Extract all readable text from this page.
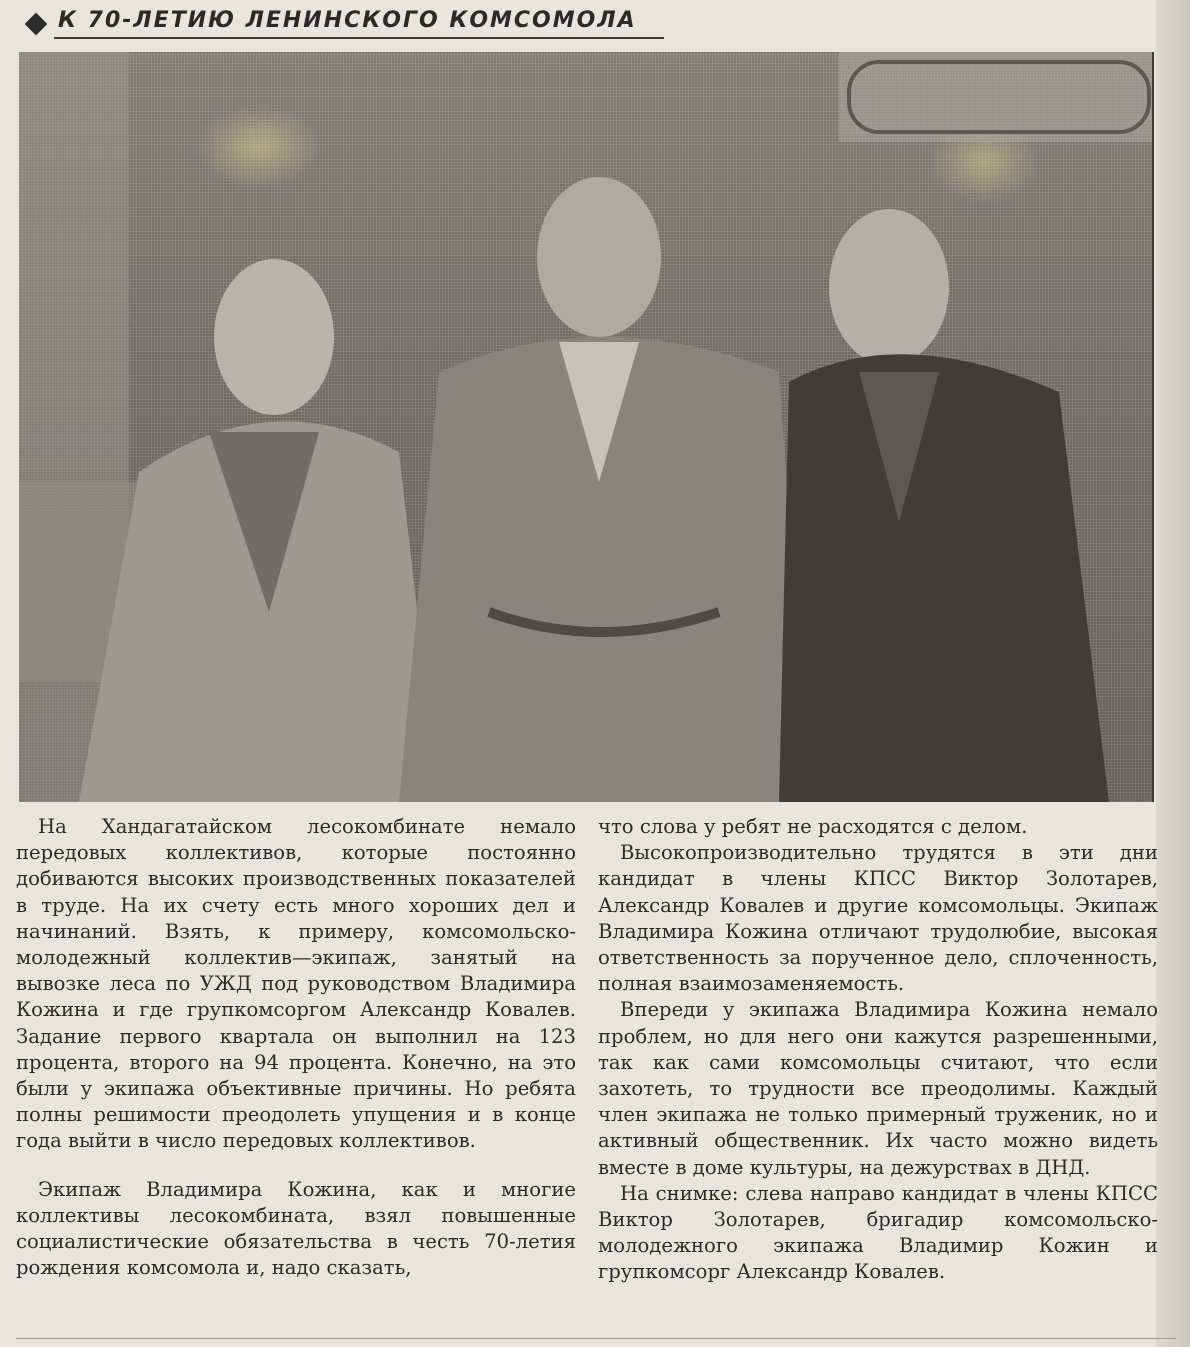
К 70-ЛЕТИЮ ЛЕНИНСКОГО КОМСОМОЛА

На Хандагатайском лесокомбинате немало передовых коллективов, которые постоянно добиваются высоких производственных показателей в труде. На их счету есть много хороших дел и начинаний. Взять, к примеру, комсомольско-молодежный коллектив—экипаж, занятый на вывозке леса по УЖД под руководством Владимира Кожина и где групкомсоргом Александр Ковалев. Задание первого квартала он выполнил на 123 процента, второго на 94 процента. Конечно, на это были у экипажа объективные причины. Но ребята полны решимости преодолеть упущения и в конце года выйти в число передовых коллективов.

Экипаж Владимира Кожина, как и многие коллективы лесокомбината, взял повышенные социалистические обязательства в честь 70-летия рождения комсомола и, надо сказать,

что слова у ребят не расходятся с делом.

Высокопроизводительно трудятся в эти дни кандидат в члены КПСС Виктор Золотарев, Александр Ковалев и другие комсомольцы. Экипаж Владимира Кожина отличают трудолюбие, высокая ответственность за порученное дело, сплоченность, полная взаимозаменяемость.

Впереди у экипажа Владимира Кожина немало проблем, но для него они кажутся разрешенными, так как сами комсомольцы считают, что если захотеть, то трудности все преодолимы. Каждый член экипажа не только примерный труженик, но и активный общественник. Их часто можно видеть вместе в доме культуры, на дежурствах в ДНД.

На снимке: слева направо кандидат в члены КПСС Виктор Золотарев, бригадир комсомольско-молодежного экипажа Владимир Кожин и групкомсорг Александр Ковалев.
